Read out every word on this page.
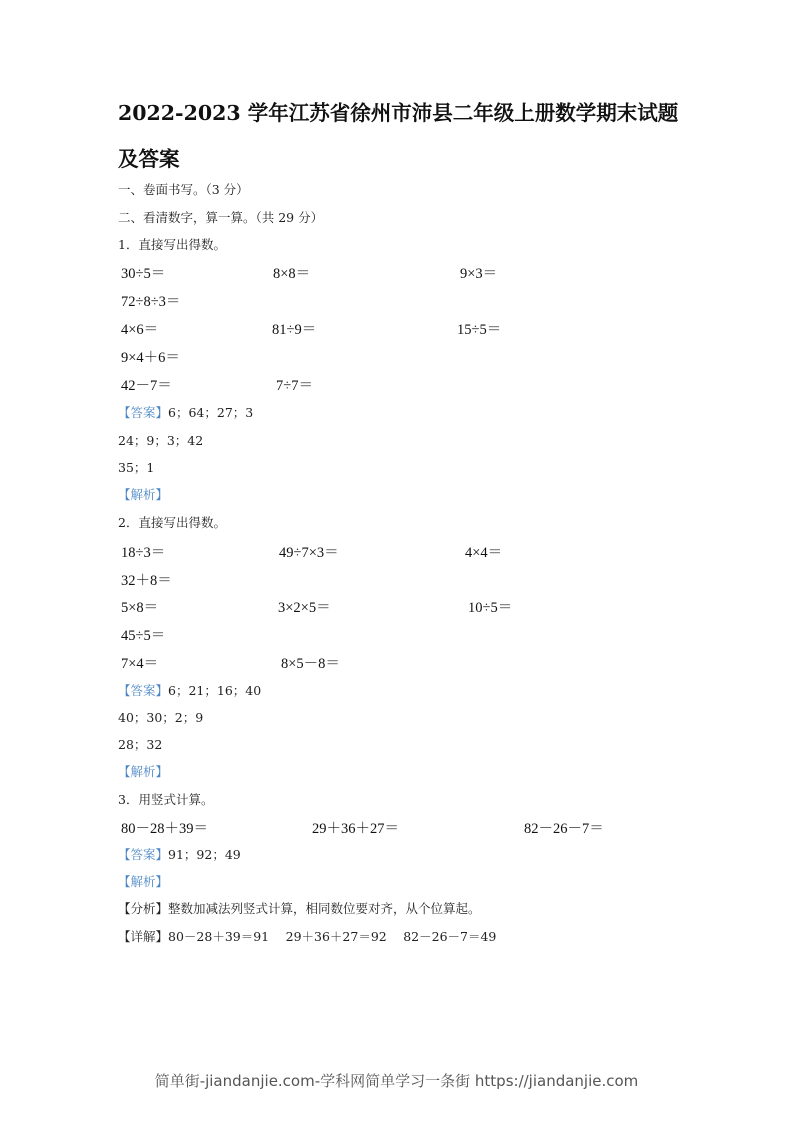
2022-2023 学年江苏省徐州市沛县二年级上册数学期末试题
及答案
一、卷面书写。（3 分）
二、看清数字，算一算。（共 29 分）
1．直接写出得数。
30÷5＝	8×8＝	9×3＝
72÷8÷3＝
4×6＝	81÷9＝	15÷5＝
9×4＋6＝
42－7＝	7÷7＝
【答案】6；64；27；3
24；9；3；42
35；1
【解析】
2．直接写出得数。
18÷3＝	49÷7×3＝	4×4＝
32＋8＝
5×8＝	3×2×5＝	10÷5＝
45÷5＝
7×4＝	8×5－8＝
【答案】6；21；16；40
40；30；2；9
28；32
【解析】
3．用竖式计算。
80－28＋39＝	29＋36＋27＝	82－26－7＝
【答案】91；92；49
【解析】
【分析】整数加减法列竖式计算，相同数位要对齐，从个位算起。
【详解】80－28＋39＝91　 29＋36＋27＝92　 82－26－7＝49
简单街-jiandanjie.com-学科网简单学习一条街 https://jiandanjie.com
